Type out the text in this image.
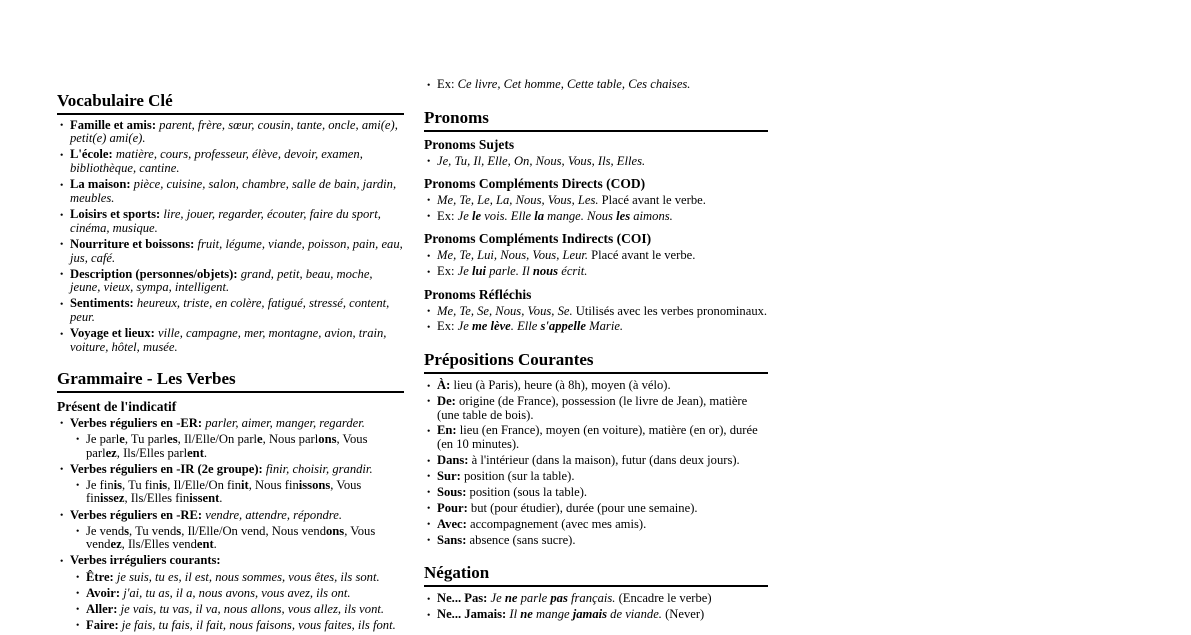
Vocabulaire Clé
• Famille et amis: parent, frère, sœur, cousin, tante, oncle, ami(e), petit(e) ami(e).
• L'école: matière, cours, professeur, élève, devoir, examen, bibliothèque, cantine.
• La maison: pièce, cuisine, salon, chambre, salle de bain, jardin, meubles.
• Loisirs et sports: lire, jouer, regarder, écouter, faire du sport, cinéma, musique.
• Nourriture et boissons: fruit, légume, viande, poisson, pain, eau, jus, café.
• Description (personnes/objets): grand, petit, beau, moche, jeune, vieux, sympa, intelligent.
• Sentiments: heureux, triste, en colère, fatigué, stressé, content, peur.
• Voyage et lieux: ville, campagne, mer, montagne, avion, train, voiture, hôtel, musée.
Grammaire - Les Verbes
Présent de l'indicatif
• Verbes réguliers en -ER: parler, aimer, manger, regarder.
• Je parle, Tu parles, Il/Elle/On parle, Nous parlons, Vous parlez, Ils/Elles parlent.
• Verbes réguliers en -IR (2e groupe): finir, choisir, grandir.
• Je finis, Tu finis, Il/Elle/On finit, Nous finissons, Vous finissez, Ils/Elles finissent.
• Verbes réguliers en -RE: vendre, attendre, répondre.
• Je vends, Tu vends, Il/Elle/On vend, Nous vendons, Vous vendez, Ils/Elles vendent.
• Verbes irréguliers courants:
• Être: je suis, tu es, il est, nous sommes, vous êtes, ils sont.
• Avoir: j'ai, tu as, il a, nous avons, vous avez, ils ont.
• Aller: je vais, tu vas, il va, nous allons, vous allez, ils vont.
• Faire: je fais, tu fais, il fait, nous faisons, vous faites, ils font.
• Ex: Ce livre, Cet homme, Cette table, Ces chaises.
Pronoms
Pronoms Sujets
• Je, Tu, Il, Elle, On, Nous, Vous, Ils, Elles.
Pronoms Compléments Directs (COD)
• Me, Te, Le, La, Nous, Vous, Les. Placé avant le verbe.
• Ex: Je le vois. Elle la mange. Nous les aimons.
Pronoms Compléments Indirects (COI)
• Me, Te, Lui, Nous, Vous, Leur. Placé avant le verbe.
• Ex: Je lui parle. Il nous écrit.
Pronoms Réfléchis
• Me, Te, Se, Nous, Vous, Se. Utilisés avec les verbes pronominaux.
• Ex: Je me lève. Elle s'appelle Marie.
Prépositions Courantes
• À: lieu (à Paris), heure (à 8h), moyen (à vélo).
• De: origine (de France), possession (le livre de Jean), matière (une table de bois).
• En: lieu (en France), moyen (en voiture), matière (en or), durée (en 10 minutes).
• Dans: à l'intérieur (dans la maison), futur (dans deux jours).
• Sur: position (sur la table).
• Sous: position (sous la table).
• Pour: but (pour étudier), durée (pour une semaine).
• Avec: accompagnement (avec mes amis).
• Sans: absence (sans sucre).
Négation
• Ne... Pas: Je ne parle pas français. (Encadre le verbe)
• Ne... Jamais: Il ne mange jamais de viande. (Never)
